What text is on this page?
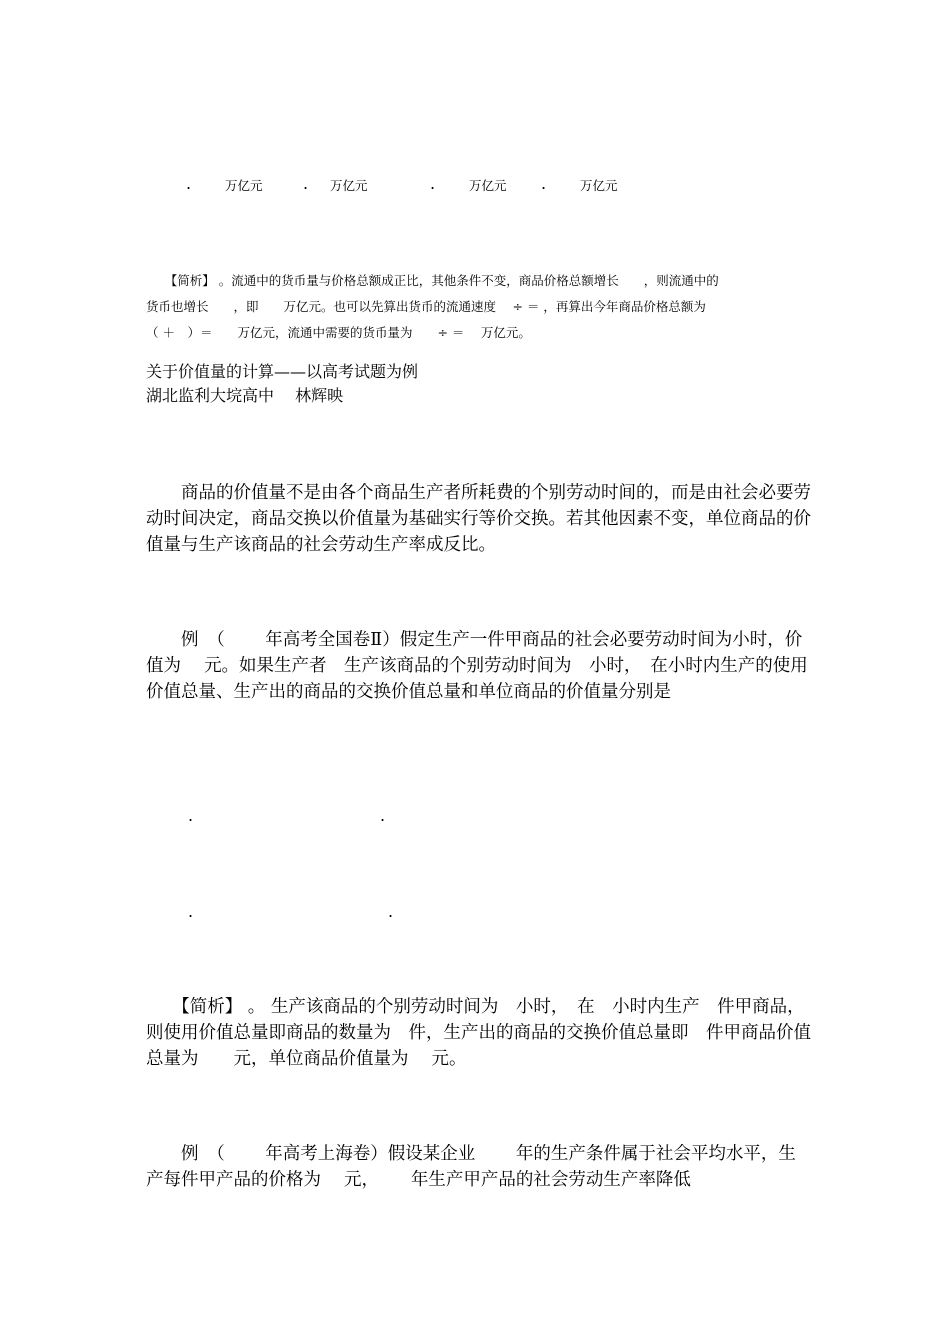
.	万亿元	. 万亿元	.	万亿元 .	万亿元
　　【简析】 。流通中的货币量与价格总额成正比，其他条件不变，商品价格总额增长　　，则流通中的
货币也增长　　，即　　万亿元。也可以先算出货币的流通速度　 ÷ ＝ ，再算出今年商品价格总额为
（ ＋　）＝　　万亿元，流通中需要的货币量为　　÷ ＝　 万亿元。
关于价值量的计算——以高考试题为例
湖北监利大垸高中　 林辉映
　　商品的价值量不是由各个商品生产者所耗费的个别劳动时间的，而是由社会必要劳动时间决定，商品交换以价值量为基础实行等价交换。若其他因素不变，单位商品的价值量与生产该商品的社会劳动生产率成反比。
　　例　（　　 年高考全国卷Ⅱ）假定生产一件甲商品的社会必要劳动时间为小时，价值为　 元。如果生产者　生产该商品的个别劳动时间为　小时，　在小时内生产的使用价值总量、生产出的商品的交换价值总量和单位商品的价值量分别是
.	.
.	.
　　【简析】 。 生产该商品的个别劳动时间为　小时，　在　小时内生产　件甲商品，则使用价值总量即商品的数量为　件，生产出的商品的交换价值总量即　件甲商品价值总量为　　元，单位商品价值量为　 元。
　　例　（　　 年高考上海卷）假设某企业　　 年的生产条件属于社会平均水平，生产每件甲产品的价格为　 元，　　 年生产甲产品的社会劳动生产率降低
